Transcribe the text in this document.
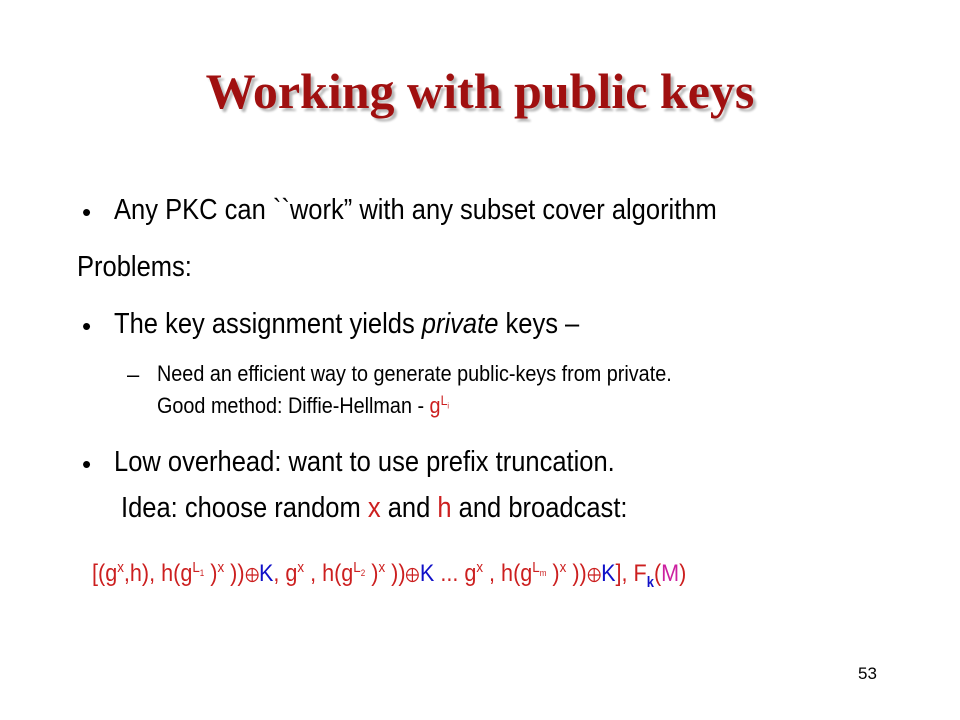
Working with public keys
• Any PKC can ``work” with any subset cover algorithm
Problems:
• The key assignment yields private keys –
– Need an efficient way to generate public-keys from private.
Good method: Diffie-Hellman - $g^{L_i}$
• Low overhead: want to use prefix truncation.
Idea: choose random x and h and broadcast:
[$(g^x,h)$, $h(g^{L_1}$ )$^x$ )) K, $g^x$ , $h(g^{L_2}$ )$^x$ )) K ... $g^x$ , $h(g^{L_m}$ )$^x$ )) K], $F_k(M)$
53
